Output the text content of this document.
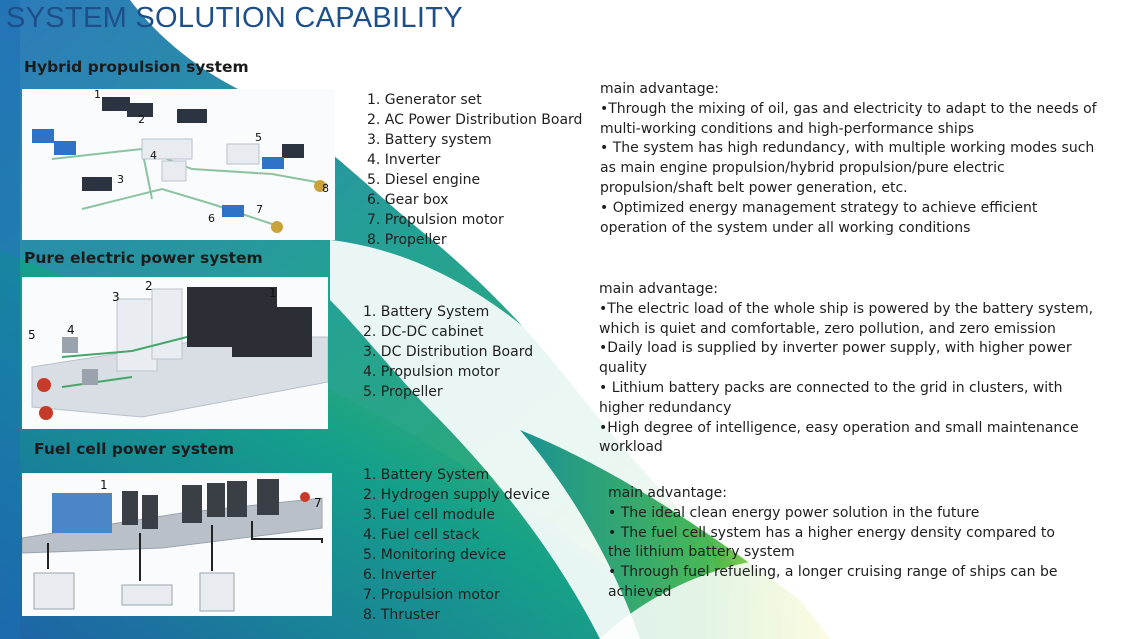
SYSTEM SOLUTION CAPABILITY
Hybrid propulsion system
1
2
3
4
5
6
7
8
1. Generator set
2. AC Power Distribution Board
3. Battery system
4. Inverter
5. Diesel engine
6. Gear box
7. Propulsion motor
8. Propeller

main advantage:

•Through the mixing of oil, gas and electricity to adapt to the needs of multi-working conditions and high-performance ships

• The system has high redundancy, with multiple working modes such as main engine propulsion/hybrid propulsion/pure electric propulsion/shaft belt power generation, etc.

• Optimized energy management strategy to achieve efficient operation of the system under all working conditions

Pure electric power system
1
2
3
4
5
1. Battery System
2. DC-DC cabinet
3. DC Distribution Board
4. Propulsion motor
5. Propeller

main advantage:

•The electric load of the whole ship is powered by the battery system, which is quiet and comfortable, zero pollution, and zero emission

•Daily load is supplied by inverter power supply, with higher power quality

• Lithium battery packs are connected to the grid in clusters, with higher redundancy

•High degree of intelligence, easy operation and small maintenance workload

Fuel cell power system
1
7
1. Battery System
2. Hydrogen supply device
3. Fuel cell module
4. Fuel cell stack
5. Monitoring device
6. Inverter
7. Propulsion motor
8. Thruster

main advantage:

• The ideal clean energy power solution in the future

• The fuel cell system has a higher energy density compared to the lithium battery system

• Through fuel refueling, a longer cruising range of ships can be achieved
